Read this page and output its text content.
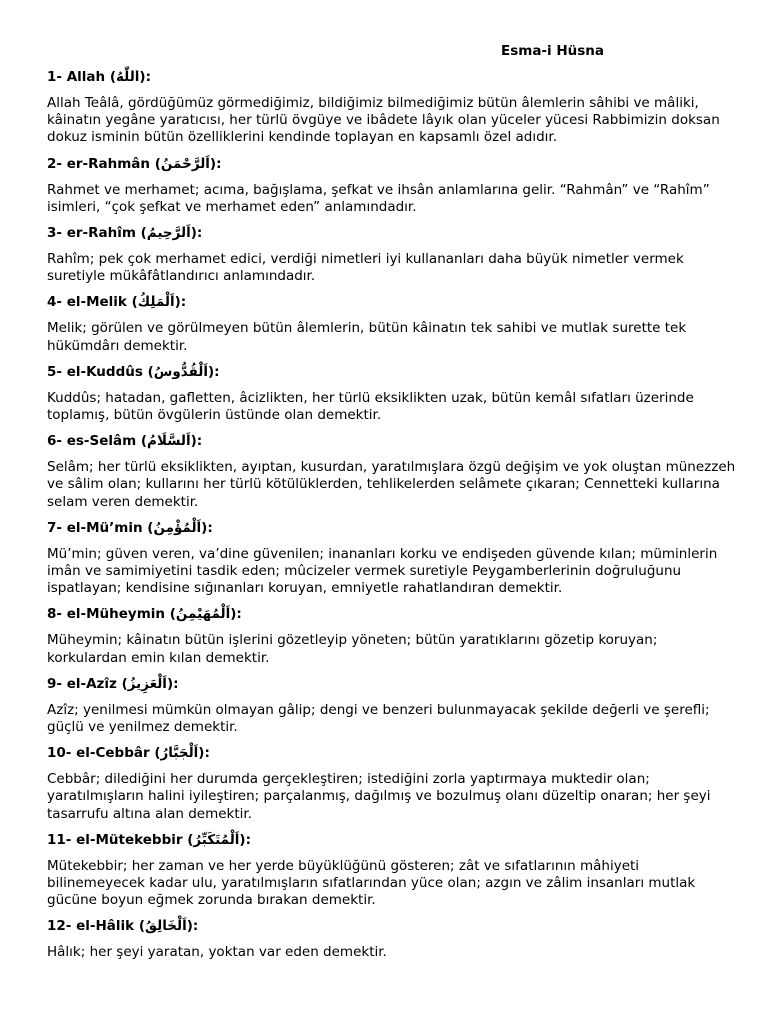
Esma-i Hüsna
1- Allah (ﺍﻟﻠّٰﻪُ):
Allah Teâlâ, gördüğümüz görmediğimiz, bildiğimiz bilmediğimiz bütün âlemlerin sâhibi ve mâliki, kâinatın yegâne yaratıcısı, her türlü övgüye ve ibâdete lâyık olan yüceler yücesi Rabbimizin doksan dokuz isminin bütün özelliklerini kendinde toplayan en kapsamlı özel adıdır.
2- er-Rahmân (اَلرَّحْمَنُ):
Rahmet ve merhamet; acıma, bağışlama, şefkat ve ihsân anlamlarına gelir. “Rahmân” ve “Rahîm” isimleri, “çok şefkat ve merhamet eden” anlamındadır.
3- er-Rahîm (اَلرَّحِيمُ):
Rahîm; pek çok merhamet edici, verdiği nimetleri iyi kullananları daha büyük nimetler vermek suretiyle mükâfâtlandırıcı anlamındadır.
4- el-Melik (اَلْمَلِكُ):
Melik; görülen ve görülmeyen bütün âlemlerin, bütün kâinatın tek sahibi ve mutlak surette tek hükümdârı demektir.
5- el-Kuddûs (اَلْقُدُّوسُ):
Kuddûs; hatadan, gafletten, âcizlikten, her türlü eksiklikten uzak, bütün kemâl sıfatları üzerinde toplamış, bütün övgülerin üstünde olan demektir.
6- es-Selâm (اَلسَّلَامُ):
Selâm; her türlü eksiklikten, ayıptan, kusurdan, yaratılmışlara özgü değişim ve yok oluştan münezzeh ve sâlim olan; kullarını her türlü kötülüklerden, tehlikelerden selâmete çıkaran; Cennetteki kullarına selam veren demektir.
7- el-Mü’min (اَلْمُؤْمِنُ):
Mü’min; güven veren, va’dine güvenilen; inananları korku ve endişeden güvende kılan; müminlerin imân ve samimiyetini tasdik eden; mûcizeler vermek suretiyle Peygamberlerinin doğruluğunu ispatlayan; kendisine sığınanları koruyan, emniyetle rahatlandıran demektir.
8- el-Müheymin (اَلْمُهَيْمِنُ):
Müheymin; kâinatın bütün işlerini gözetleyip yöneten; bütün yaratıklarını gözetip koruyan; korkulardan emin kılan demektir.
9- el-Azîz (اَلْعَزِيزُ):
Azîz; yenilmesi mümkün olmayan gâlip; dengi ve benzeri bulunmayacak şekilde değerli ve şerefli; güçlü ve yenilmez demektir.
10- el-Cebbâr (اَلْجَبَّارُ):
Cebbâr; dilediğini her durumda gerçekleştiren; istediğini zorla yaptırmaya muktedir olan; yaratılmışların halini iyileştiren; parçalanmış, dağılmış ve bozulmuş olanı düzeltip onaran; her şeyi tasarrufu altına alan demektir.
11- el-Mütekebbir (اَلْمُتَكَبِّرُ):
Mütekebbir; her zaman ve her yerde büyüklüğünü gösteren; zât ve sıfatlarının mâhiyeti bilinemeyecek kadar ulu, yaratılmışların sıfatlarından yüce olan; azgın ve zâlim insanları mutlak gücüne boyun eğmek zorunda bırakan demektir.
12- el-Hâlik (اَلْخَالِقُ):
Hâlık; her şeyi yaratan, yoktan var eden demektir.
